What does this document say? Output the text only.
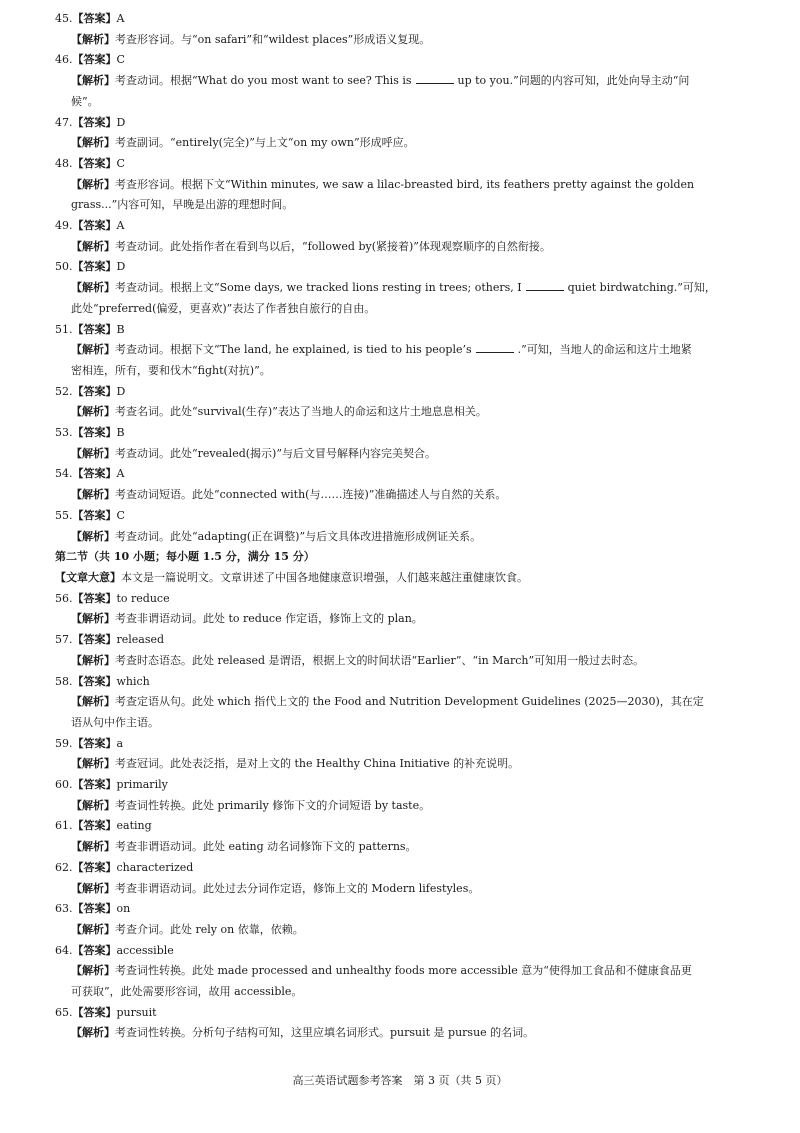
45.【答案】A
【解析】考查形容词。与“on safari”和“wildest places”形成语义复现。
46.【答案】C
【解析】考查动词。根据“What do you most want to see? This is	up to you.”问题的内容可知，此处向导主动“问
候”。
47.【答案】D
【解析】考查副词。“entirely(完全)”与上文“on my own”形成呼应。
48.【答案】C
【解析】考查形容词。根据下文“Within minutes, we saw a lilac-breasted bird, its feathers pretty against the golden
grass...”内容可知，早晚是出游的理想时间。
49.【答案】A
【解析】考查动词。此处指作者在看到鸟以后，“followed by(紧接着)”体现观察顺序的自然衔接。
50.【答案】D
【解析】考查动词。根据上文“Some days, we tracked lions resting in trees; others, I	quiet birdwatching.”可知，
此处“preferred(偏爱，更喜欢)”表达了作者独自旅行的自由。
51.【答案】B
【解析】考查动词。根据下文“The land, he explained, is tied to his people’s	.”可知，当地人的命运和这片土地紧
密相连，所有，要和伐木“fight(对抗)”。
52.【答案】D
【解析】考查名词。此处“survival(生存)”表达了当地人的命运和这片土地息息相关。
53.【答案】B
【解析】考查动词。此处“revealed(揭示)”与后文冒号解释内容完美契合。
54.【答案】A
【解析】考查动词短语。此处“connected with(与……连接)”准确描述人与自然的关系。
55.【答案】C
【解析】考查动词。此处“adapting(正在调整)”与后文具体改进措施形成例证关系。
第二节（共 10 小题；每小题 1.5 分，满分 15 分）
【文章大意】本文是一篇说明文。文章讲述了中国各地健康意识增强，人们越来越注重健康饮食。
56.【答案】to reduce
【解析】考查非谓语动词。此处 to reduce 作定语，修饰上文的 plan。
57.【答案】released
【解析】考查时态语态。此处 released 是谓语，根据上文的时间状语“Earlier”、“in March”可知用一般过去时态。
58.【答案】which
【解析】考查定语从句。此处 which 指代上文的 the Food and Nutrition Development Guidelines (2025—2030)，其在定
语从句中作主语。
59.【答案】a
【解析】考查冠词。此处表泛指，是对上文的 the Healthy China Initiative 的补充说明。
60.【答案】primarily
【解析】考查词性转换。此处 primarily 修饰下文的介词短语 by taste。
61.【答案】eating
【解析】考查非谓语动词。此处 eating 动名词修饰下文的 patterns。
62.【答案】characterized
【解析】考查非谓语动词。此处过去分词作定语，修饰上文的 Modern lifestyles。
63.【答案】on
【解析】考查介词。此处 rely on 依靠，依赖。
64.【答案】accessible
【解析】考查词性转换。此处 made processed and unhealthy foods more accessible 意为“使得加工食品和不健康食品更
可获取”，此处需要形容词，故用 accessible。
65.【答案】pursuit
【解析】考查词性转换。分析句子结构可知，这里应填名词形式。pursuit 是 pursue 的名词。
高三英语试题参考答案　第 3 页（共 5 页）
